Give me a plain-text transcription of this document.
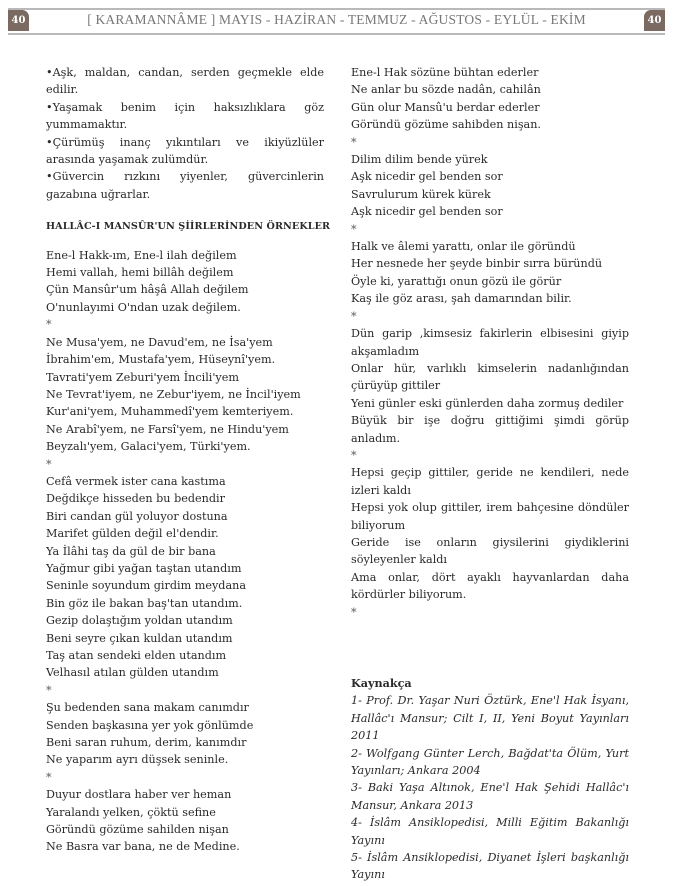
40	[ KARAMANNÂME ] MAYIS - HAZİRAN - TEMMUZ - AĞUSTOS - EYLÜL - EKİM	40

•Aşk, maldan, candan, serden geçmekle elde edilir.

•Yaşamak benim için haksızlıklara göz yummamaktır.

•Çürümüş inanç yıkıntıları ve ikiyüzlüler arasında yaşamak zulümdür.

•Güvercin rızkını yiyenler, güvercinlerin gazabına uğrarlar.

HALLÂC-I MANSÛR'UN ŞİİRLERİNDEN ÖRNEKLER
Ene-l Hakk-ım, Ene-l ilah değilem
Hemi vallah, hemi billâh değilem
Çün Mansûr'um hâşâ Allah değilem
O'nunlayımi O'ndan uzak değilem.
*
Ne Musa'yem, ne Davud'em, ne İsa'yem
İbrahim'em, Mustafa'yem, Hüseynî'yem.
Tavrati'yem Zeburi'yem İncili'yem
Ne Tevrat'iyem, ne Zebur'iyem, ne İncil'iyem
Kur'ani'yem, Muhammedî'yem kemteriyem.
Ne Arabî'yem, ne Farsî'yem, ne Hindu'yem
Beyzalı'yem, Galaci'yem, Türki'yem.
*
Cefâ vermek ister cana kastıma
Değdikçe hisseden bu bedendir
Biri candan gül yoluyor dostuna
Marifet gülden değil el'dendir.
Ya İlâhi taş da gül de bir bana
Yağmur gibi yağan taştan utandım
Seninle soyundum girdim meydana
Bin göz ile bakan baş'tan utandım.
Gezip dolaştığım yoldan utandım
Beni seyre çıkan kuldan utandım
Taş atan sendeki elden utandım
Velhasıl atılan gülden utandım
*
Şu bedenden sana makam canımdır
Senden başkasına yer yok gönlümde
Beni saran ruhum, derim, kanımdır
Ne yaparım ayrı düşsek seninle.
*
Duyur dostlara haber ver heman
Yaralandı yelken, çöktü sefine
Göründü gözüme sahilden nişan
Ne Basra var bana, ne de Medine.
Ene-l Hak sözüne bühtan ederler
Ne anlar bu sözde nadân, cahilân
Gün olur Mansû'u berdar ederler
Göründü gözüme sahibden nişan.
*
Dilim dilim bende yürek
Aşk nicedir gel benden sor
Savrulurum kürek kürek
Aşk nicedir gel benden sor
*
Halk ve âlemi yarattı, onlar ile göründü
Her nesnede her şeyde binbir sırra büründü
Öyle ki, yarattığı onun gözü ile görür
Kaş ile göz arası, şah damarından bilir.
*
Dün garip ,kimsesiz fakirlerin elbisesini giyip akşamladım
Onlar hür, varlıklı kimselerin nadanlığından çürüyüp gittiler
Yeni günler eski günlerden daha zormuş dediler
Büyük bir işe doğru gittiğimi şimdi görüp anladım.
*
Hepsi geçip gittiler, geride ne kendileri, nede izleri kaldı
Hepsi yok olup gittiler, irem bahçesine döndüler biliyorum
Geride ise onların giysilerini giydiklerini söyleyenler kaldı
Ama onlar, dört ayaklı hayvanlardan daha kördürler biliyorum.
*
Kaynakça
1- Prof. Dr. Yaşar Nuri Öztürk, Ene'l Hak İsyanı, Hallâc'ı Mansur; Cilt I, II, Yeni Boyut Yayınları 2011
2- Wolfgang Günter Lerch, Bağdat'ta Ölüm, Yurt Yayınları; Ankara 2004
3- Baki Yaşa Altınok, Ene'l Hak Şehidi Hallâc'ı Mansur, Ankara 2013
4- İslâm Ansiklopedisi, Milli Eğitim Bakanlığı Yayını
5- İslâm Ansiklopedisi, Diyanet İşleri başkanlığı Yayını
